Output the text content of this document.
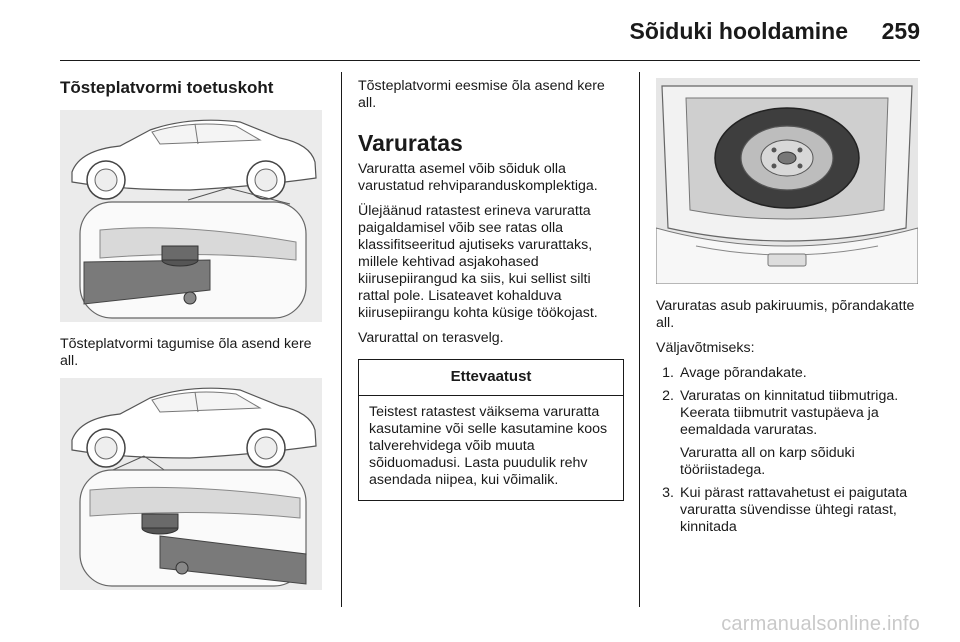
Sõiduki hooldamine 259
Tõsteplatvormi toetuskoht
Tõsteplatvormi tagumise õla asend kere all.
Tõsteplatvormi eesmise õla asend kere all.
Varuratas
Varuratta asemel võib sõiduk olla varustatud rehviparanduskomplektiga.
Ülejäänud ratastest erineva varuratta paigaldamisel võib see ratas olla klassifitseeritud ajutiseks varurattaks, millele kehtivad asjakohased kiirusepiirangud ka siis, kui sellist silti rattal pole. Lisateavet kohalduva kiirusepiirangu kohta küsige töökojast.
Varurattal on terasvelg.
Ettevaatust
Teistest ratastest väiksema varuratta kasutamine või selle kasutamine koos talverehvidega võib muuta sõiduomadusi. Lasta puudulik rehv asendada niipea, kui võimalik.
Varuratas asub pakiruumis, põrandakatte all.
Väljavõtmiseks:
1. Avage põrandakate.
2. Varuratas on kinnitatud tiibmutriga. Keerata tiibmutrit vastupäeva ja eemaldada varuratas.
Varuratta all on karp sõiduki tööriistadega.
3. Kui pärast rattavahetust ei paigutata varuratta süvendisse ühtegi ratast, kinnitada
carmanualsonline.info
